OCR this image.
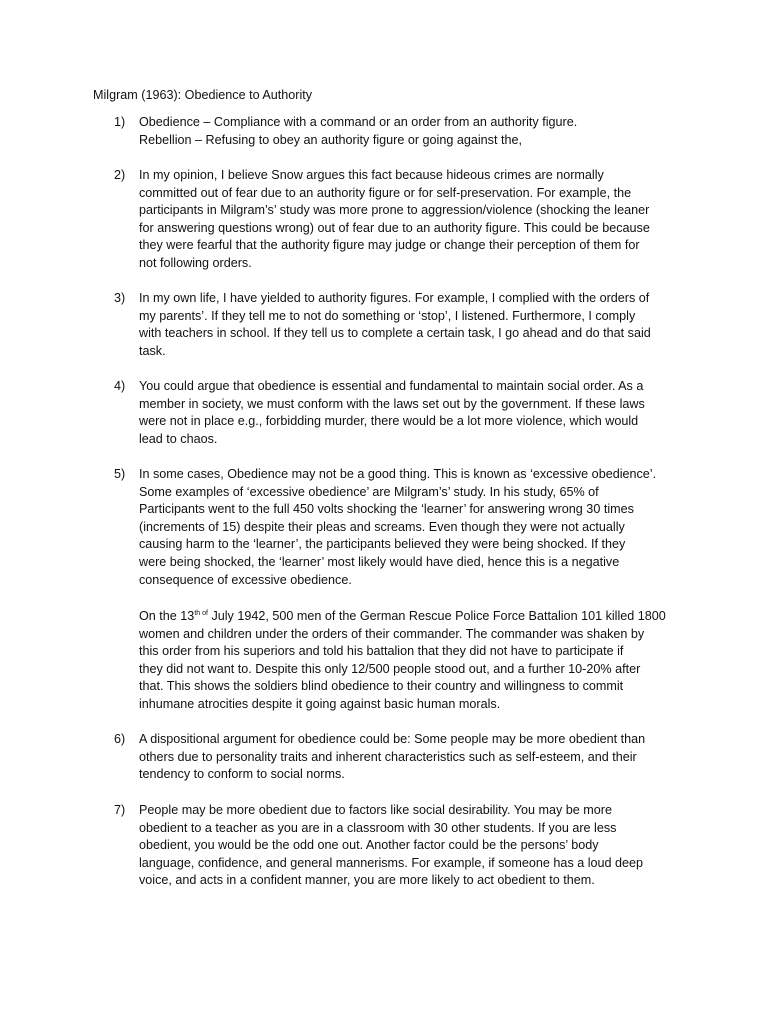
Milgram (1963): Obedience to Authority
1)	Obedience – Compliance with a command or an order from an authority figure.
Rebellion – Refusing to obey an authority figure or going against the,
2)	In my opinion, I believe Snow argues this fact because hideous crimes are normally
committed out of fear due to an authority figure or for self-preservation. For example, the
participants in Milgram’s’ study was more prone to aggression/violence (shocking the leaner
for answering questions wrong) out of fear due to an authority figure. This could be because
they were fearful that the authority figure may judge or change their perception of them for
not following orders.
3)	In my own life, I have yielded to authority figures. For example, I complied with the orders of
my parents’. If they tell me to not do something or ‘stop’, I listened. Furthermore, I comply
with teachers in school. If they tell us to complete a certain task, I go ahead and do that said
task.
4)	You could argue that obedience is essential and fundamental to maintain social order. As a
member in society, we must conform with the laws set out by the government. If these laws
were not in place e.g., forbidding murder, there would be a lot more violence, which would
lead to chaos.
5)	In some cases, Obedience may not be a good thing. This is known as ‘excessive obedience’.
Some examples of ‘excessive obedience’ are Milgram’s’ study. In his study, 65% of
Participants went to the full 450 volts shocking the ‘learner’ for answering wrong 30 times
(increments of 15) despite their pleas and screams. Even though they were not actually
causing harm to the ‘learner’, the participants believed they were being shocked. If they
were being shocked, the ‘learner’ most likely would have died, hence this is a negative
consequence of excessive obedience.
On the $13^{th of}$ July 1942, 500 men of the German Rescue Police Force Battalion 101 killed 1800
women and children under the orders of their commander. The commander was shaken by
this order from his superiors and told his battalion that they did not have to participate if
they did not want to. Despite this only 12/500 people stood out, and a further 10-20% after
that. This shows the soldiers blind obedience to their country and willingness to commit
inhumane atrocities despite it going against basic human morals.
6)	A dispositional argument for obedience could be: Some people may be more obedient than
others due to personality traits and inherent characteristics such as self-esteem, and their
tendency to conform to social norms.
7)	People may be more obedient due to factors like social desirability. You may be more
obedient to a teacher as you are in a classroom with 30 other students. If you are less
obedient, you would be the odd one out. Another factor could be the persons’ body
language, confidence, and general mannerisms. For example, if someone has a loud deep
voice, and acts in a confident manner, you are more likely to act obedient to them.
